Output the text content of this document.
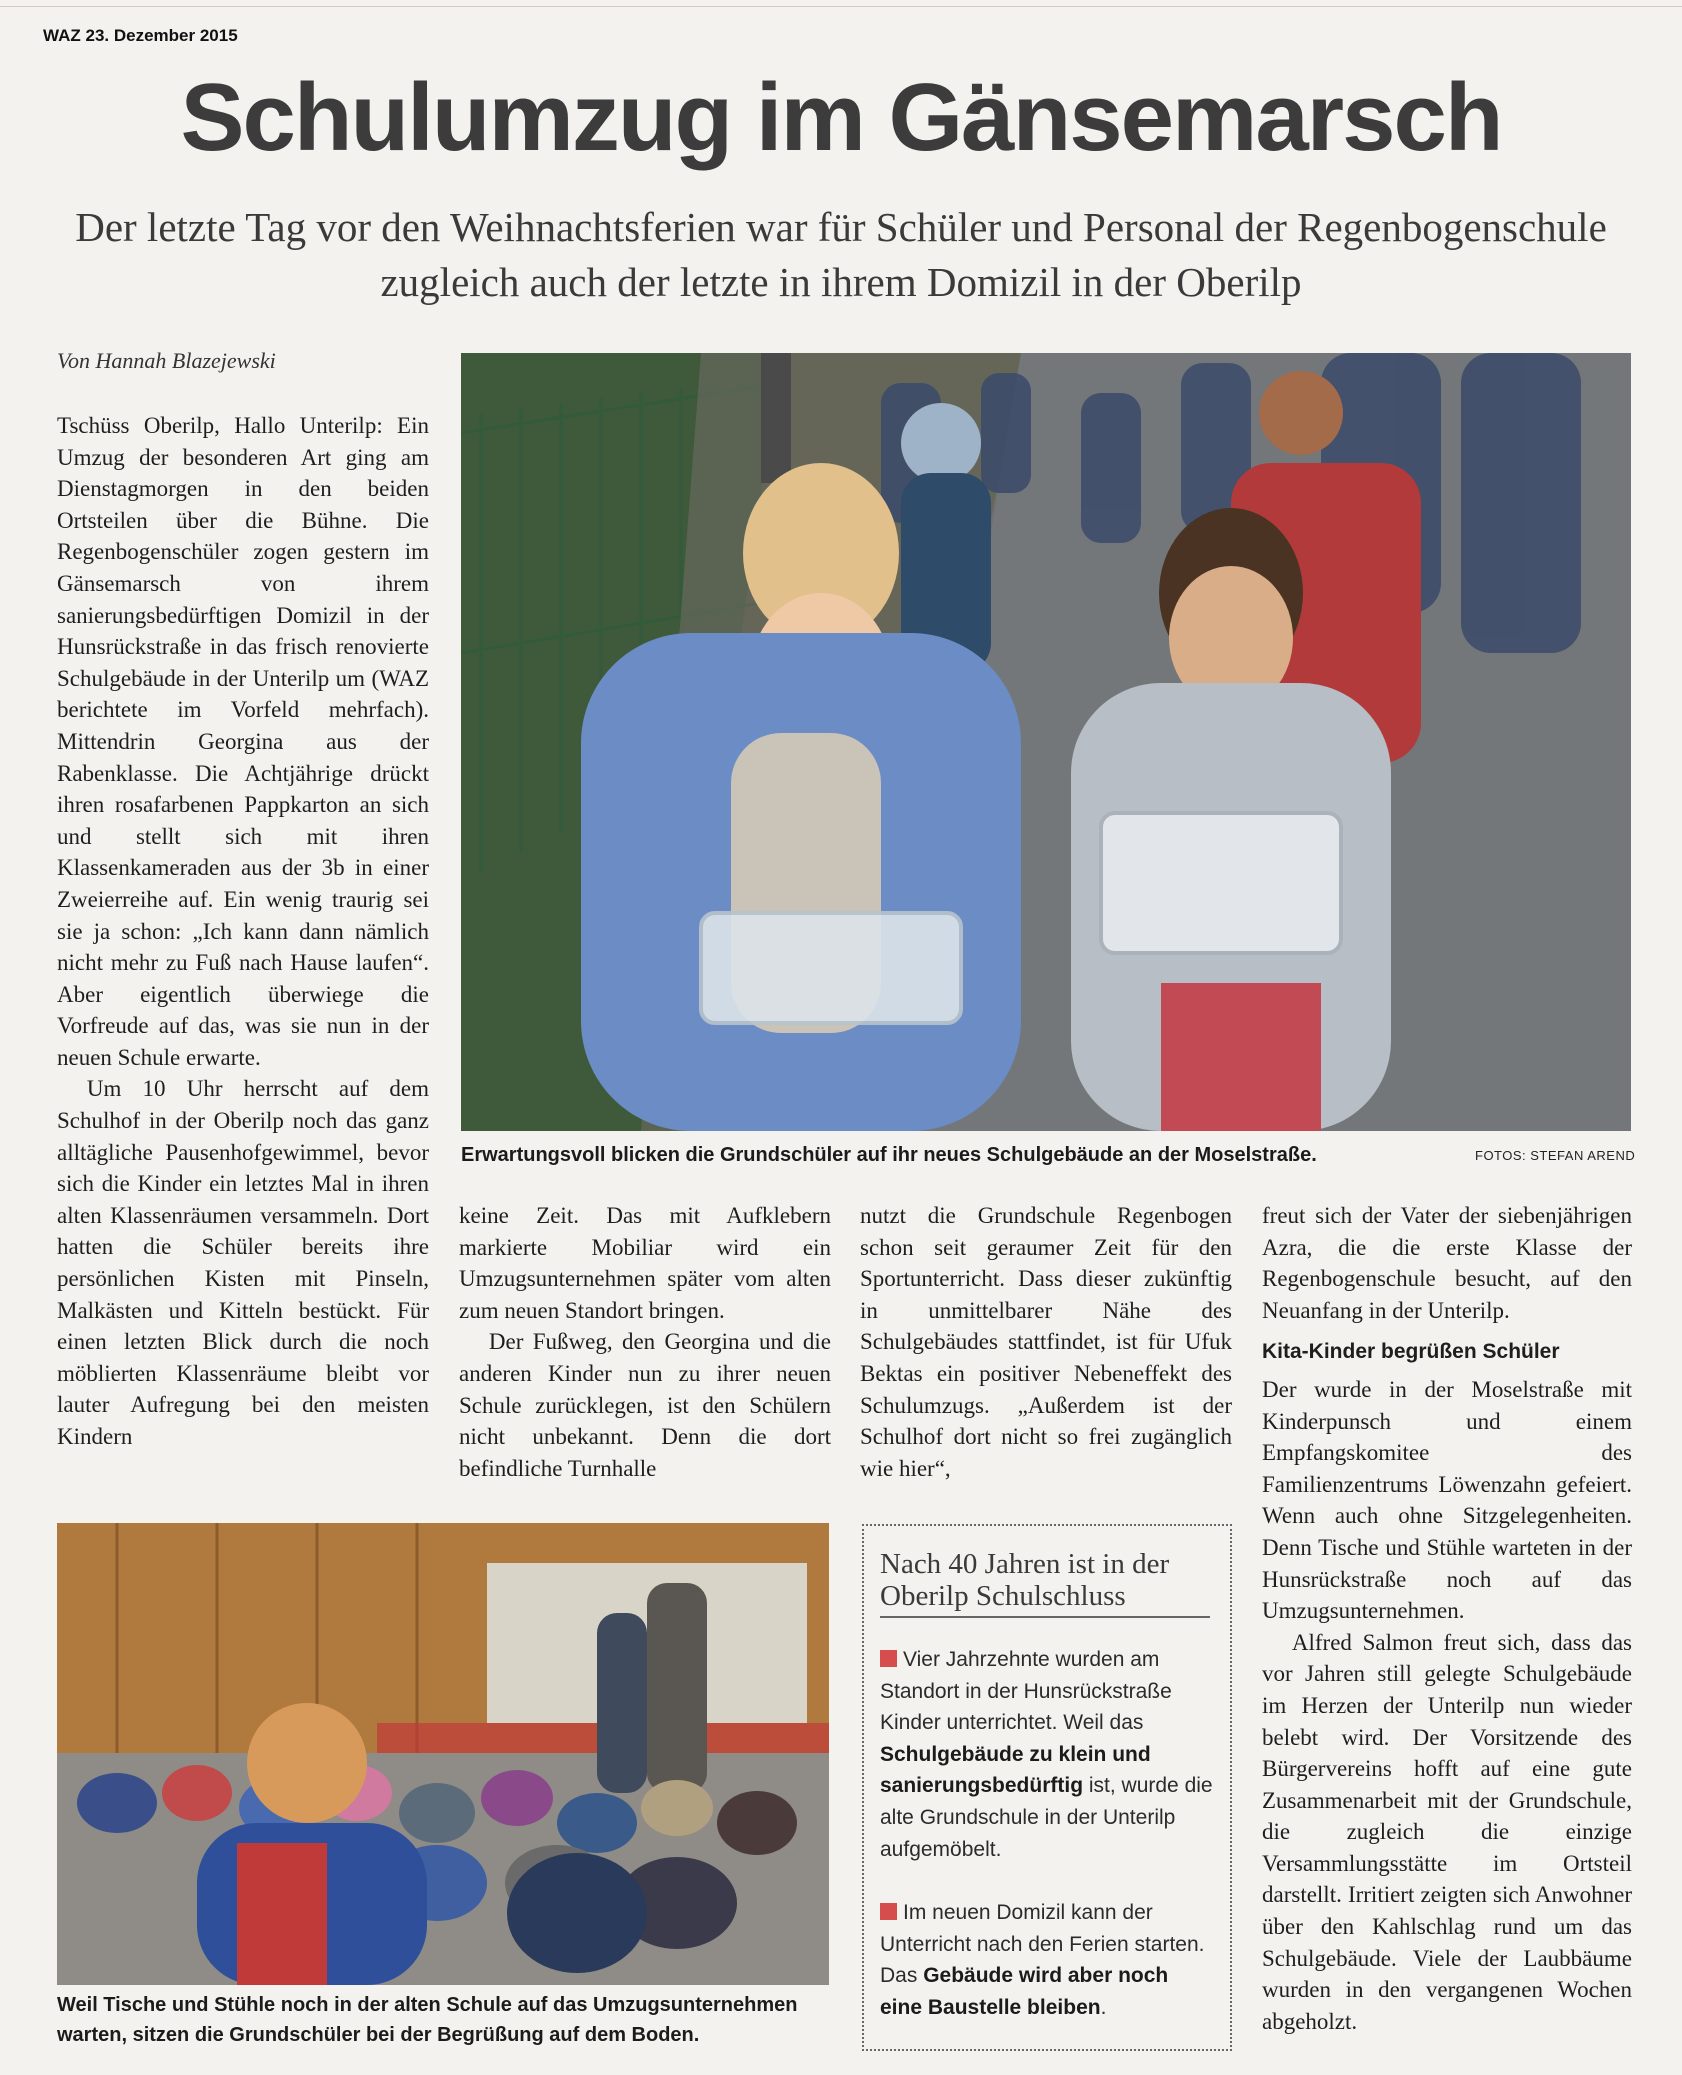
WAZ 23. Dezember 2015
Schulumzug im Gänsemarsch
Der letzte Tag vor den Weihnachtsferien war für Schüler und Personal der Regenbogenschule zugleich auch der letzte in ihrem Domizil in der Oberilp
Von Hannah Blazejewski

Tschüss Oberilp, Hallo Unterilp: Ein Umzug der besonderen Art ging am Dienstagmorgen in den beiden Ortsteilen über die Bühne. Die Regenbogenschüler zogen gestern im Gänsemarsch von ihrem sanierungsbedürftigen Domizil in der Hunsrückstraße in das frisch renovierte Schulgebäude in der Unterilp um (WAZ berichtete im Vorfeld mehrfach). Mittendrin Georgina aus der Rabenklasse. Die Achtjährige drückt ihren rosafarbenen Pappkarton an sich und stellt sich mit ihren Klassenkameraden aus der 3b in einer Zweierreihe auf. Ein wenig traurig sei sie ja schon: „Ich kann dann nämlich nicht mehr zu Fuß nach Hause laufen“. Aber eigentlich überwiege die Vorfreude auf das, was sie nun in der neuen Schule erwarte.

Um 10 Uhr herrscht auf dem Schulhof in der Oberilp noch das ganz alltägliche Pausenhofgewimmel, bevor sich die Kinder ein letztes Mal in ihren alten Klassenräumen versammeln. Dort hatten die Schüler bereits ihre persönlichen Kisten mit Pinseln, Malkästen und Kitteln bestückt. Für einen letzten Blick durch die noch möblierten Klassenräume bleibt vor lauter Aufregung bei den meisten Kindern

Erwartungsvoll blicken die Grundschüler auf ihr neues Schulgebäude an der Moselstraße.	FOTOS: STEFAN AREND

keine Zeit. Das mit Aufklebern markierte Mobiliar wird ein Umzugsunternehmen später vom alten zum neuen Standort bringen.

Der Fußweg, den Georgina und die anderen Kinder nun zu ihrer neuen Schule zurücklegen, ist den Schülern nicht unbekannt. Denn die dort befindliche Turnhalle

nutzt die Grundschule Regenbogen schon seit geraumer Zeit für den Sportunterricht. Dass dieser zukünftig in unmittelbarer Nähe des Schulgebäudes stattfindet, ist für Ufuk Bektas ein positiver Nebeneffekt des Schulumzugs. „Außerdem ist der Schulhof dort nicht so frei zugänglich wie hier“,

freut sich der Vater der siebenjährigen Azra, die die erste Klasse der Regenbogenschule besucht, auf den Neuanfang in der Unterilp.

Kita-Kinder begrüßen Schüler

Der wurde in der Moselstraße mit Kinderpunsch und einem Empfangskomitee des Familienzentrums Löwenzahn gefeiert. Wenn auch ohne Sitzgelegenheiten. Denn Tische und Stühle warteten in der Hunsrückstraße noch auf das Umzugsunternehmen.

Alfred Salmon freut sich, dass das vor Jahren still gelegte Schulgebäude im Herzen der Unterilp nun wieder belebt wird. Der Vorsitzende des Bürgervereins hofft auf eine gute Zusammenarbeit mit der Grundschule, die zugleich die einzige Versammlungsstätte im Ortsteil darstellt. Irritiert zeigten sich Anwohner über den Kahlschlag rund um das Schulgebäude. Viele der Laubbäume wurden in den vergangenen Wochen abgeholzt.

Weil Tische und Stühle noch in der alten Schule auf das Umzugsunternehmen warten, sitzen die Grundschüler bei der Begrüßung auf dem Boden.
Nach 40 Jahren ist in der Oberilp Schulschluss
Vier Jahrzehnte wurden am Standort in der Hunsrückstraße Kinder unterrichtet. Weil das Schulgebäude zu klein und sanierungsbedürftig ist, wurde die alte Grundschule in der Unterilp aufgemöbelt.
Im neuen Domizil kann der Unterricht nach den Ferien starten. Das Gebäude wird aber noch eine Baustelle bleiben.
